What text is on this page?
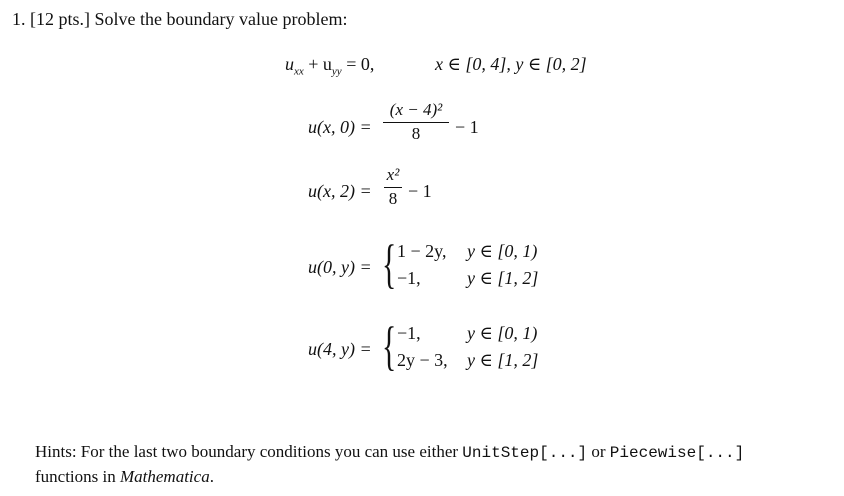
1. [12 pts.] Solve the boundary value problem:
$u_{xx} + u_{yy} = 0$,	x ∈ [0, 4], y ∈ [0, 2]
u(x, 0) =
(x − 4)²
8	− 1
u(x, 2) =
x²
8 − 1
u(0, y) = { 1 − 2y, y ∈ [0, 1)
−1,	y ∈ [1, 2]
u(4, y) = { −1,	y ∈ [0, 1)
2y − 3, y ∈ [1, 2]
Hints: For the last two boundary conditions you can use either UnitStep[...] or Piecewise[...]
functions in Mathematica.
